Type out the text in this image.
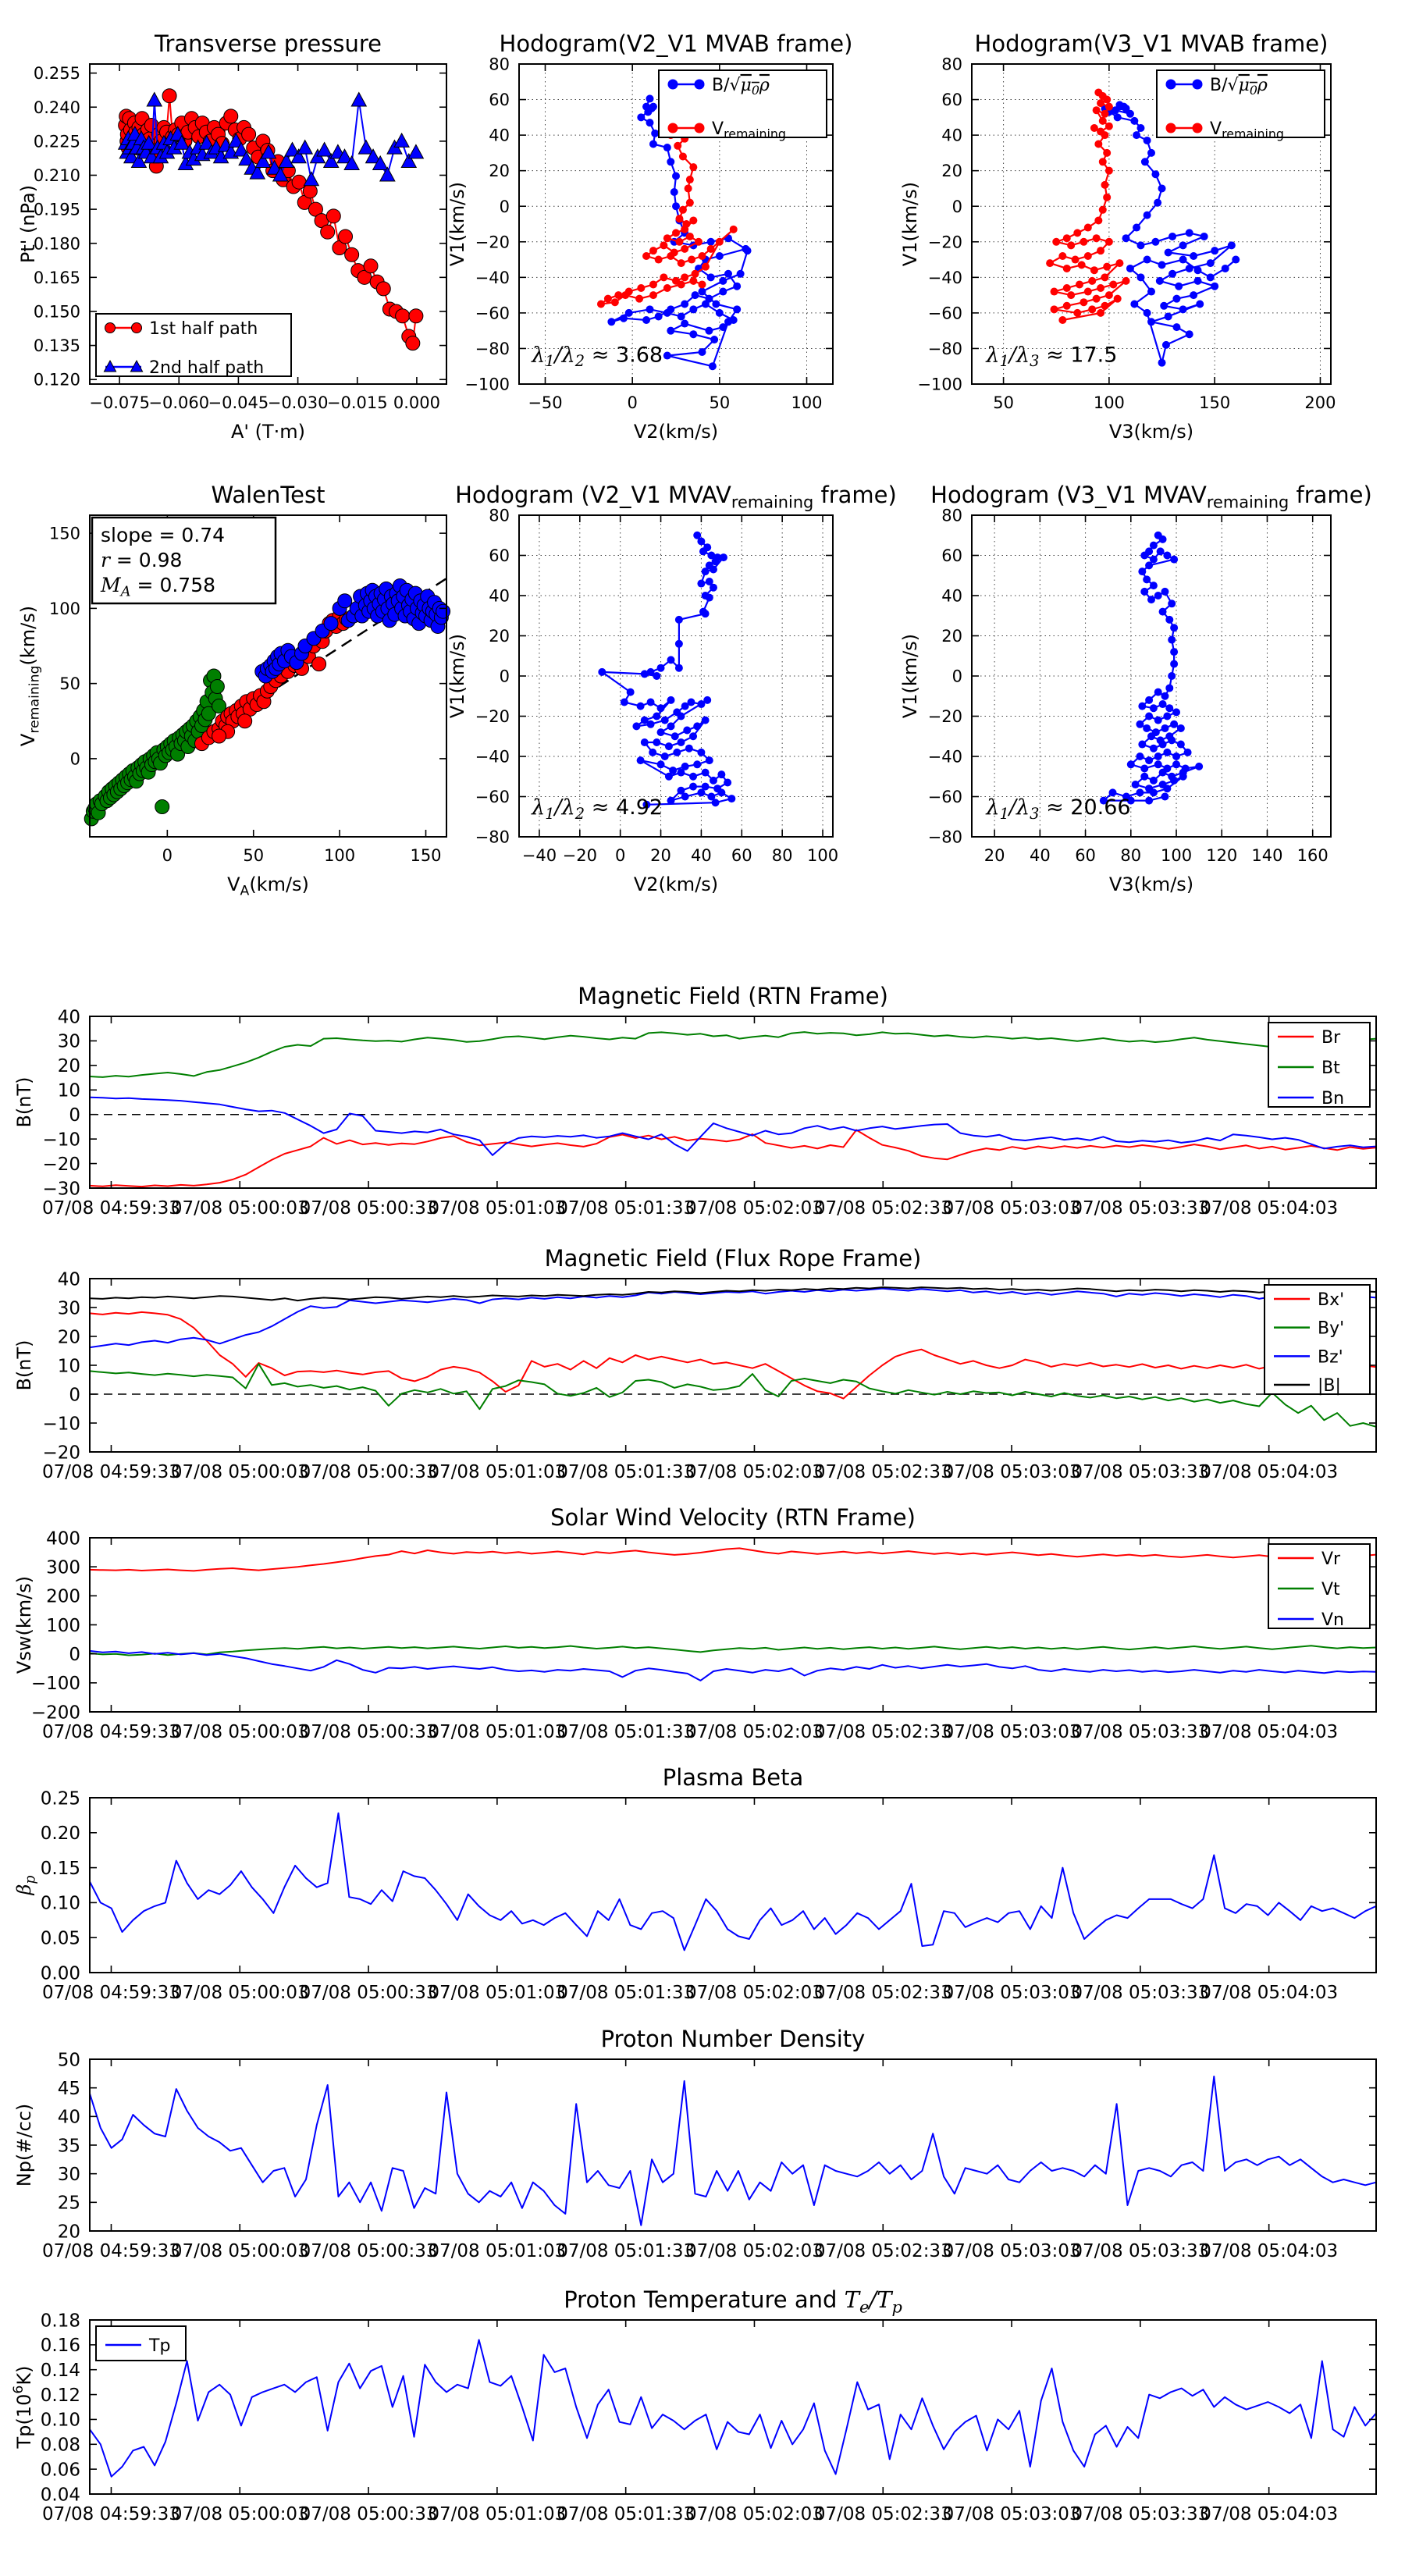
−0.075
−0.060
−0.045
−0.030
−0.015 0.000
0.120
0.135
0.150
0.165
0.180
0.195
0.210
0.225
0.240
0.255
Transverse pressure
A' (T·m)
Pt' (nPa)
1st half path
2nd half path
−50	0	50	100
−100
−80
−60
−40
−20
0
20
40
60
80
Hodogram(V2_V1 MVAB frame)
V2(km/s)
V1(km/s)
$\lambda_1/\lambda_2 \approx 3.68$
$B/√\mu_0\rho$
$V_{remaining}$
50	100	150	200
−100
−80
−60
−40
−20
0
20
40
60
80
Hodogram(V3_V1 MVAB frame)
V3(km/s)
V1(km/s)
$\lambda_1/\lambda_3 \approx 17.5$
$B/√\mu_0\rho$
$V_{remaining}$
0	50	100	150
0
50
100
150
WalenTest
$V_A(km/s)$
$V_{remaining}(km/s)$
slope = 0.74
r = 0.98
$M_A = 0.758$
−40 −20 0 20 40 60 80 100
−80
−60
−40
−20
0
20
40
60
80
Hodogram (V2_V1 $MVAV_{remaining}$ frame)
V2(km/s)
V1(km/s)
$\lambda_1/\lambda_2 \approx 4.92$
20 40 60 80 100 120 140 160
−80
−60
−40
−20
0
20
40
60
80
Hodogram (V3_V1 $MVAV_{remaining}$ frame)
V3(km/s)
V1(km/s)
$\lambda_1/\lambda_3 \approx 20.66$
07/08 04:59:33
07/08 05:00:03
07/08 05:00:33
07/08 05:01:03
07/08 05:01:33
07/08 05:02:03
07/08 05:02:33
07/08 05:03:03
07/08 05:03:33
07/08 05:04:03
−30
−20
−10
0
10
20
30
40
Magnetic Field (RTN Frame)
B(nT)
Br
Bt
Bn
07/08 04:59:33
07/08 05:00:03
07/08 05:00:33
07/08 05:01:03
07/08 05:01:33
07/08 05:02:03
07/08 05:02:33
07/08 05:03:03
07/08 05:03:33
07/08 05:04:03
−20
−10
0
10
20
30
40
Magnetic Field (Flux Rope Frame)
B(nT)
Bx'
By'
Bz'
|B|
07/08 04:59:33
07/08 05:00:03
07/08 05:00:33
07/08 05:01:03
07/08 05:01:33
07/08 05:02:03
07/08 05:02:33
07/08 05:03:03
07/08 05:03:33
07/08 05:04:03
−200
−100
0
100
200
300
400
Solar Wind Velocity (RTN Frame)
Vsw(km/s)
Vr
Vt
Vn
07/08 04:59:33
07/08 05:00:03
07/08 05:00:33
07/08 05:01:03
07/08 05:01:33
07/08 05:02:03
07/08 05:02:33
07/08 05:03:03
07/08 05:03:33
07/08 05:04:03
0.00
0.05
0.10
0.15
0.20
0.25
Plasma Beta
$\beta_p$
07/08 04:59:33
07/08 05:00:03
07/08 05:00:33
07/08 05:01:03
07/08 05:01:33
07/08 05:02:03
07/08 05:02:33
07/08 05:03:03
07/08 05:03:33
07/08 05:04:03
20
25
30
35
40
45
50
Proton Number Density
Np(#/cc)
07/08 04:59:33
07/08 05:00:03
07/08 05:00:33
07/08 05:01:03
07/08 05:01:33
07/08 05:02:03
07/08 05:02:33
07/08 05:03:03
07/08 05:03:33
07/08 05:04:03
0.04
0.06
0.08
0.10
0.12
0.14
0.16
0.18
Proton Temperature and $T_e/T_p$
$Tp(10^6K)$
Tp
